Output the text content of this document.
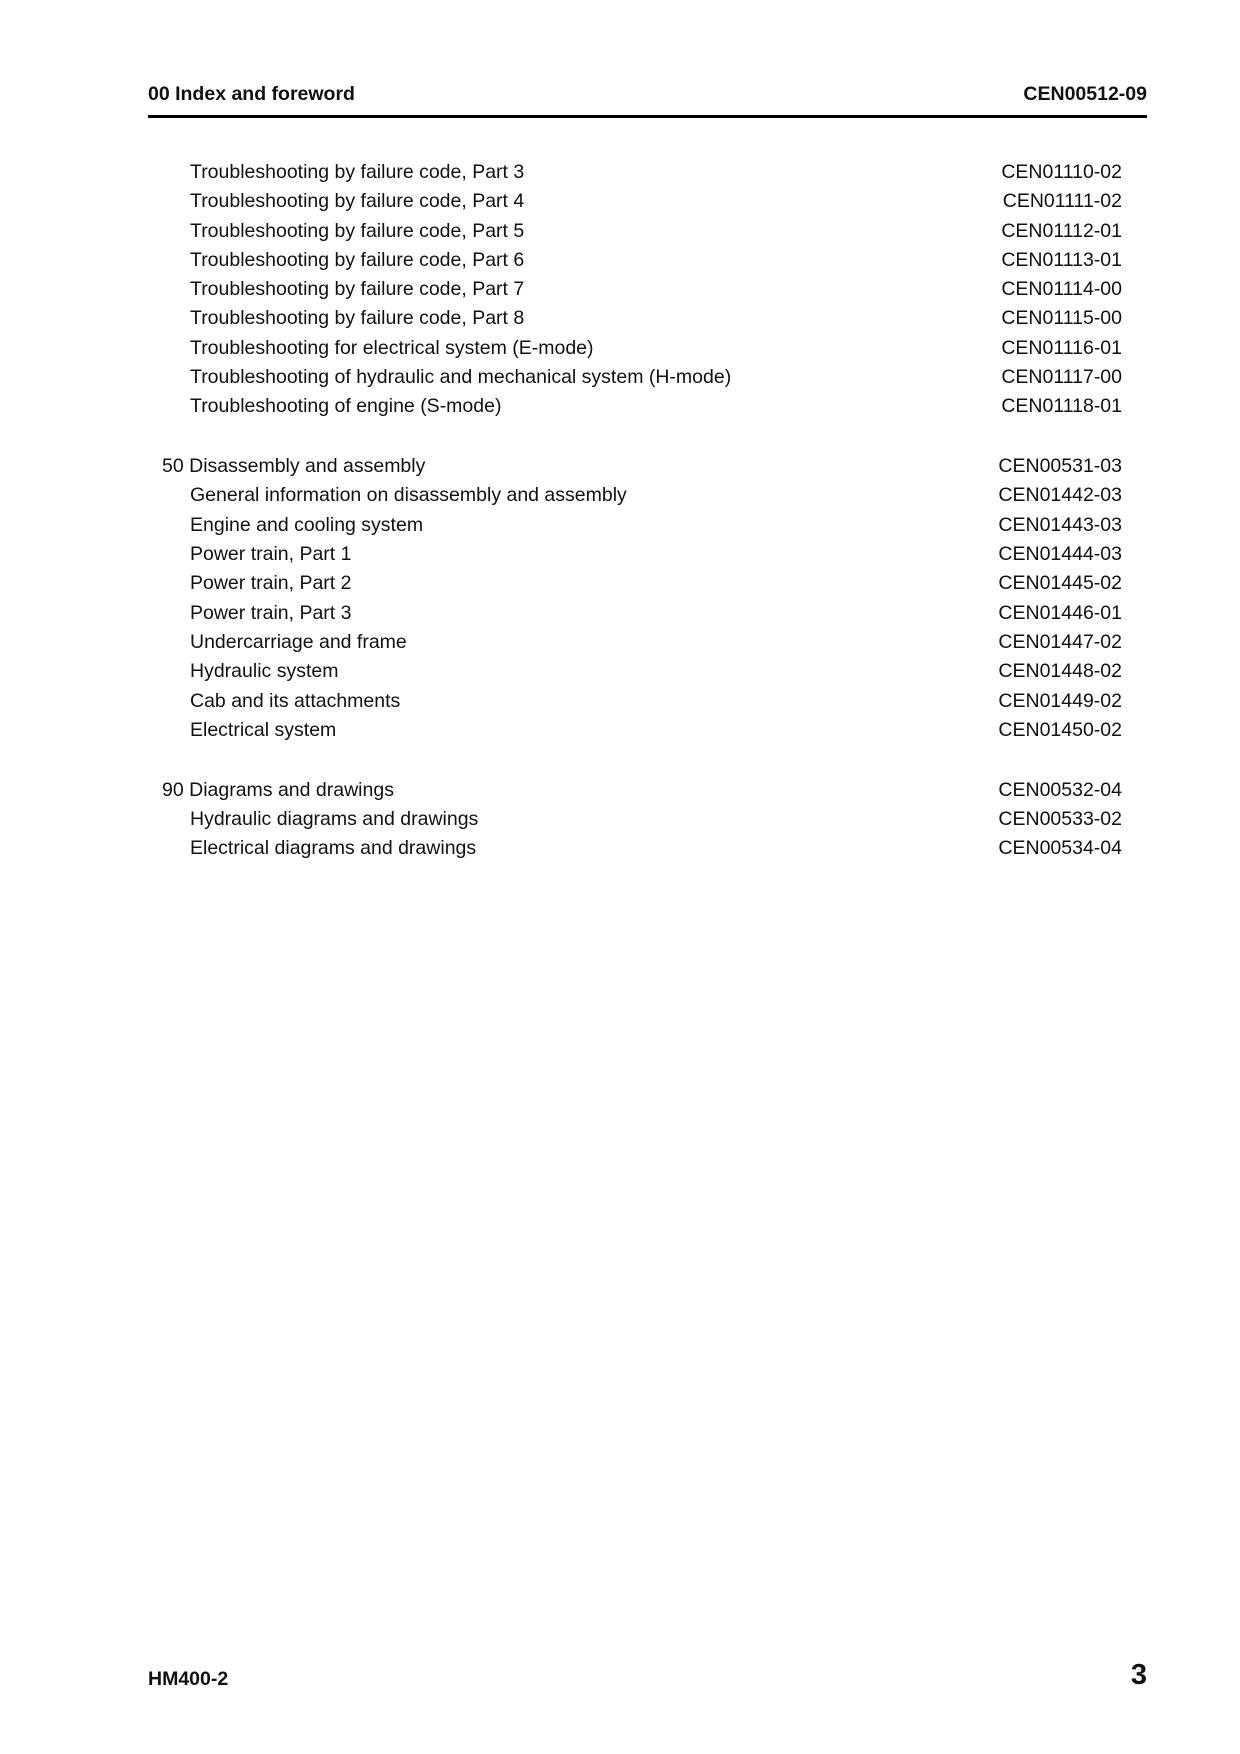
00 Index and foreword	CEN00512-09
Troubleshooting by failure code, Part 3	CEN01110-02
Troubleshooting by failure code, Part 4	CEN01111-02
Troubleshooting by failure code, Part 5	CEN01112-01
Troubleshooting by failure code, Part 6	CEN01113-01
Troubleshooting by failure code, Part 7	CEN01114-00
Troubleshooting by failure code, Part 8	CEN01115-00
Troubleshooting for electrical system (E-mode)	CEN01116-01
Troubleshooting of hydraulic and mechanical system (H-mode)	CEN01117-00
Troubleshooting of engine (S-mode)	CEN01118-01
50 Disassembly and assembly	CEN00531-03
General information on disassembly and assembly	CEN01442-03
Engine and cooling system	CEN01443-03
Power train, Part 1	CEN01444-03
Power train, Part 2	CEN01445-02
Power train, Part 3	CEN01446-01
Undercarriage and frame	CEN01447-02
Hydraulic system	CEN01448-02
Cab and its attachments	CEN01449-02
Electrical system	CEN01450-02
90 Diagrams and drawings	CEN00532-04
Hydraulic diagrams and drawings	CEN00533-02
Electrical diagrams and drawings	CEN00534-04
HM400-2	3
